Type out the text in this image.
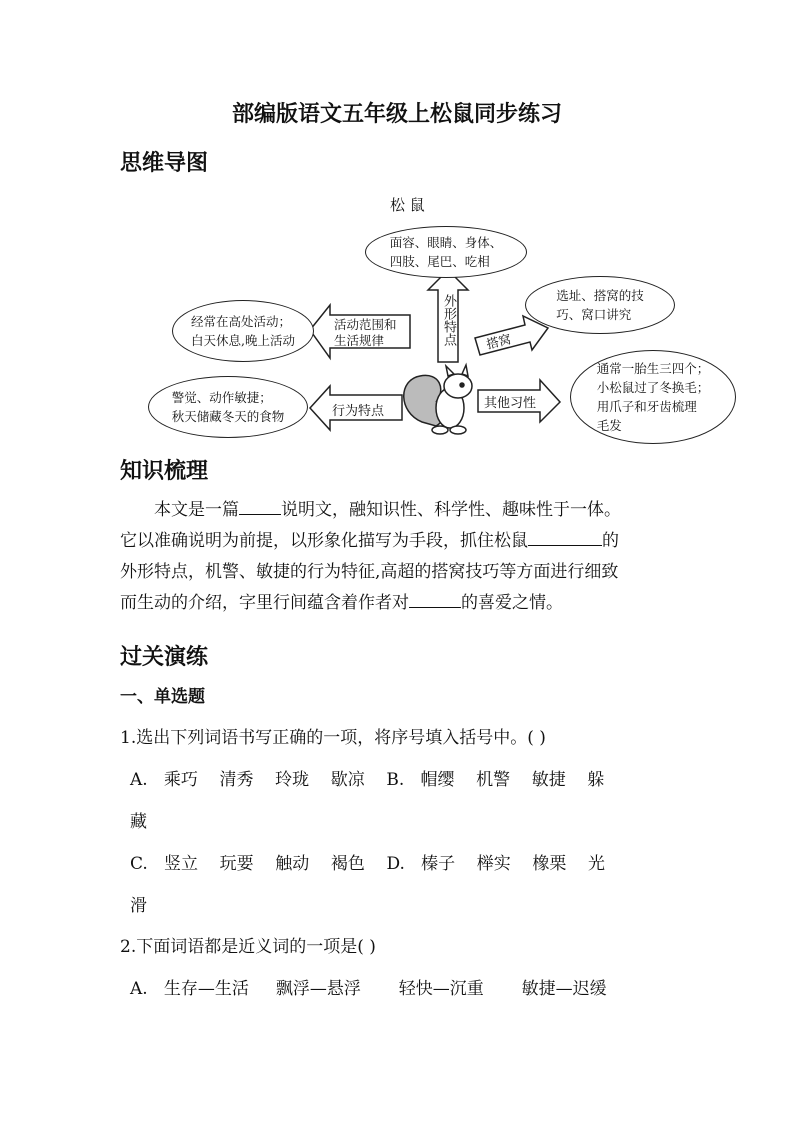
部编版语文五年级上松鼠同步练习
思维导图
松 鼠
外形特点
活动范围和
生活规律	搭窝
行为特点
其他习性
面容、眼睛、身体、
四肢、尾巴、吃相
选址、搭窝的技
巧、窝口讲究
通常一胎生三四个；
小松鼠过了冬换毛；
用爪子和牙齿梳理
毛发
经常在高处活动；
白天休息,晚上活动
警觉、动作敏捷；
秋天储藏冬天的食物
知识梳理

本文是一篇 说明文，融知识性、科学性、趣味性于一体。

它以准确说明为前提，以形象化描写为手段，抓住松鼠	的

外形特点，机警、敏捷的行为特征,高超的搭窝技巧等方面进行细致

而生动的介绍，字里行间蕴含着作者对	的喜爱之情。

过关演练
一、单选题
1.选出下列词语书写正确的一项，将序号填入括号中。( )
A.   乘巧    清秀    玲珑    歇凉    B.   帽缨    机警    敏捷    躲
藏
C.   竖立    玩要    触动    褐色    D.   榛子    榉实    橡栗    光
滑
2.下面词语都是近义词的一项是( )
A.   生存—生活     飘浮—悬浮       轻快—沉重       敏捷—迟缓
